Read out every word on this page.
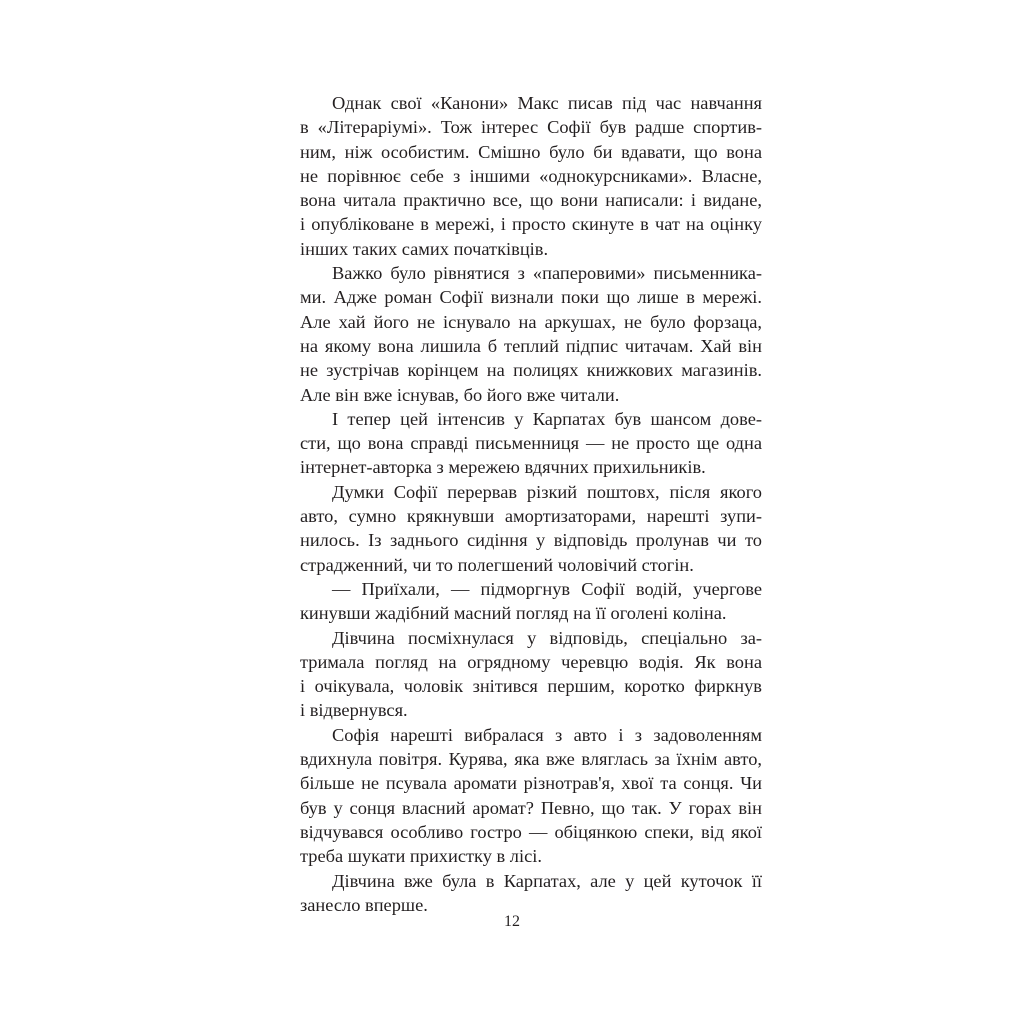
Однак свої «Канони» Макс писав під час навчання
в «Літераріумі». Тож інтерес Софії був радше спортив-
ним, ніж особистим. Смішно було би вдавати, що вона
не порівнює себе з іншими «однокурсниками». Власне,
вона читала практично все, що вони написали: і видане,
і опубліковане в мережі, і просто скинуте в чат на оцінку
інших таких самих початківців.
Важко було рівнятися з «паперовими» письменника-
ми. Адже роман Софії визнали поки що лише в мережі.
Але хай його не існувало на аркушах, не було форзаца,
на якому вона лишила б теплий підпис читачам. Хай він
не зустрічав корінцем на полицях книжкових магазинів.
Але він вже існував, бо його вже читали.
І тепер цей інтенсив у Карпатах був шансом дове-
сти, що вона справді письменниця — не просто ще одна
інтернет-авторка з мережею вдячних прихильників.
Думки Софії перервав різкий поштовх, після якого
авто, сумно крякнувши амортизаторами, нарешті зупи-
нилось. Із заднього сидіння у відповідь пролунав чи то
страдженний, чи то полегшений чоловічий стогін.
— Приїхали, — підморгнув Софії водій, учергове
кинувши жадібний масний погляд на її оголені коліна.
Дівчина посміхнулася у відповідь, спеціально за-
тримала погляд на огрядному черевцю водія. Як вона
і очікувала, чоловік знітився першим, коротко фиркнув
і відвернувся.
Софія нарешті вибралася з авто і з задоволенням
вдихнула повітря. Курява, яка вже вляглась за їхнім авто,
більше не псувала аромати різнотрав'я, хвої та сонця. Чи
був у сонця власний аромат? Певно, що так. У горах він
відчувався особливо гостро — обіцянкою спеки, від якої
треба шукати прихистку в лісі.
Дівчина вже була в Карпатах, але у цей куточок її
занесло вперше.
12
